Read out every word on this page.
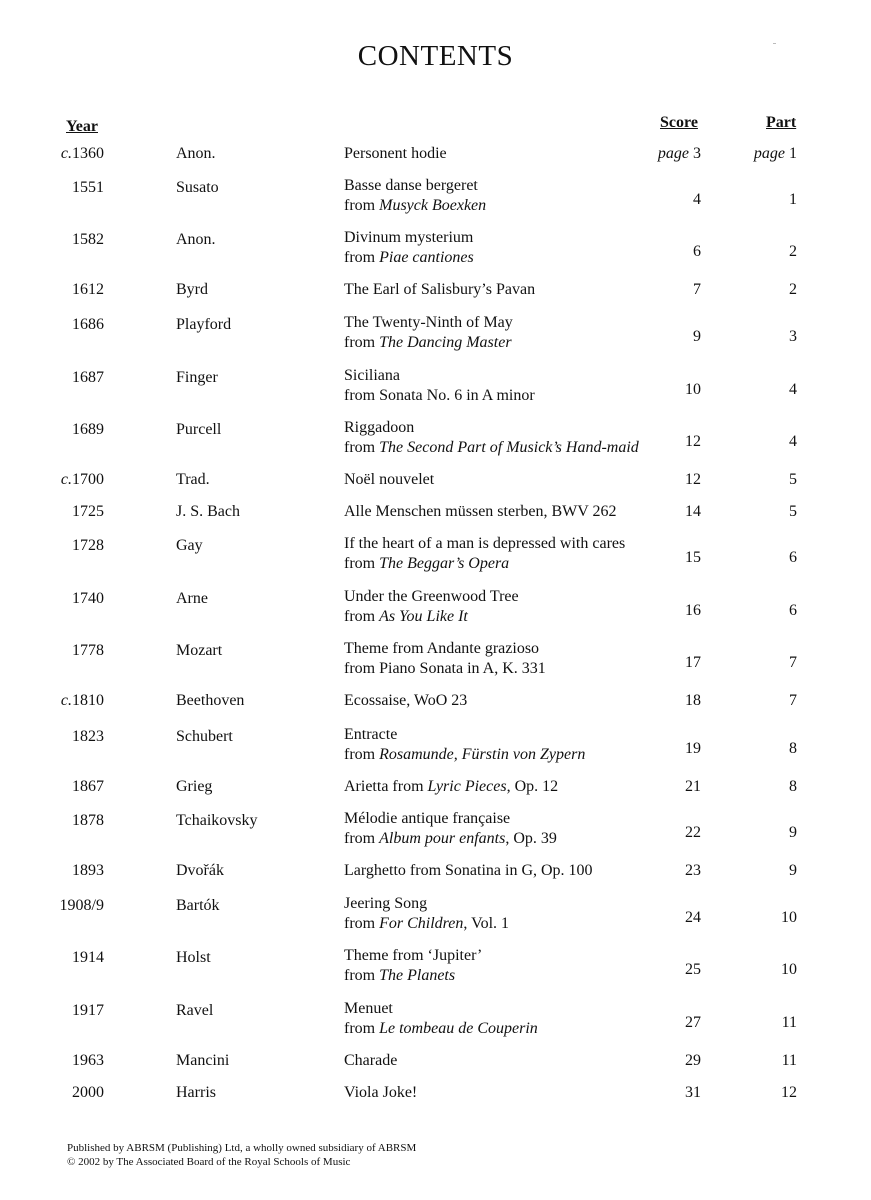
CONTENTS
Year	Score	Part
c.1360	Anon.	Personent hodie	page 3	page 1
1551	Susato	Basse danse bergeret
from Musyck Boexken	4	1
1582	Anon.	Divinum mysterium
from Piae cantiones	6	2
1612	Byrd	The Earl of Salisbury’s Pavan	7	2
1686	Playford	The Twenty-Ninth of May
from The Dancing Master	9	3
1687	Finger	Siciliana
from Sonata No. 6 in A minor	10	4
1689	Purcell	Riggadoon
from The Second Part of Musick’s Hand-maid	12	4
c.1700	Trad.	Noël nouvelet	12	5
1725	J. S. Bach	Alle Menschen müssen sterben, BWV 262	14	5
1728	Gay	If the heart of a man is depressed with cares
from The Beggar’s Opera	15	6
1740	Arne	Under the Greenwood Tree
from As You Like It	16	6
1778	Mozart	Theme from Andante grazioso
from Piano Sonata in A, K. 331	17	7
c.1810	Beethoven	Ecossaise, WoO 23	18	7
1823	Schubert	Entracte
from Rosamunde, Fürstin von Zypern	19	8
1867	Grieg	Arietta from Lyric Pieces, Op. 12	21	8
1878	Tchaikovsky	Mélodie antique française
from Album pour enfants, Op. 39	22	9
1893	Dvořák	Larghetto from Sonatina in G, Op. 100	23	9
1908/9	Bartók	Jeering Song
from For Children, Vol. 1	24	10
1914	Holst	Theme from ‘Jupiter’
from The Planets	25	10
1917	Ravel	Menuet
from Le tombeau de Couperin	27	11
1963	Mancini	Charade	29	11
2000	Harris	Viola Joke!	31	12
Published by ABRSM (Publishing) Ltd, a wholly owned subsidiary of ABRSM
© 2002 by The Associated Board of the Royal Schools of Music
